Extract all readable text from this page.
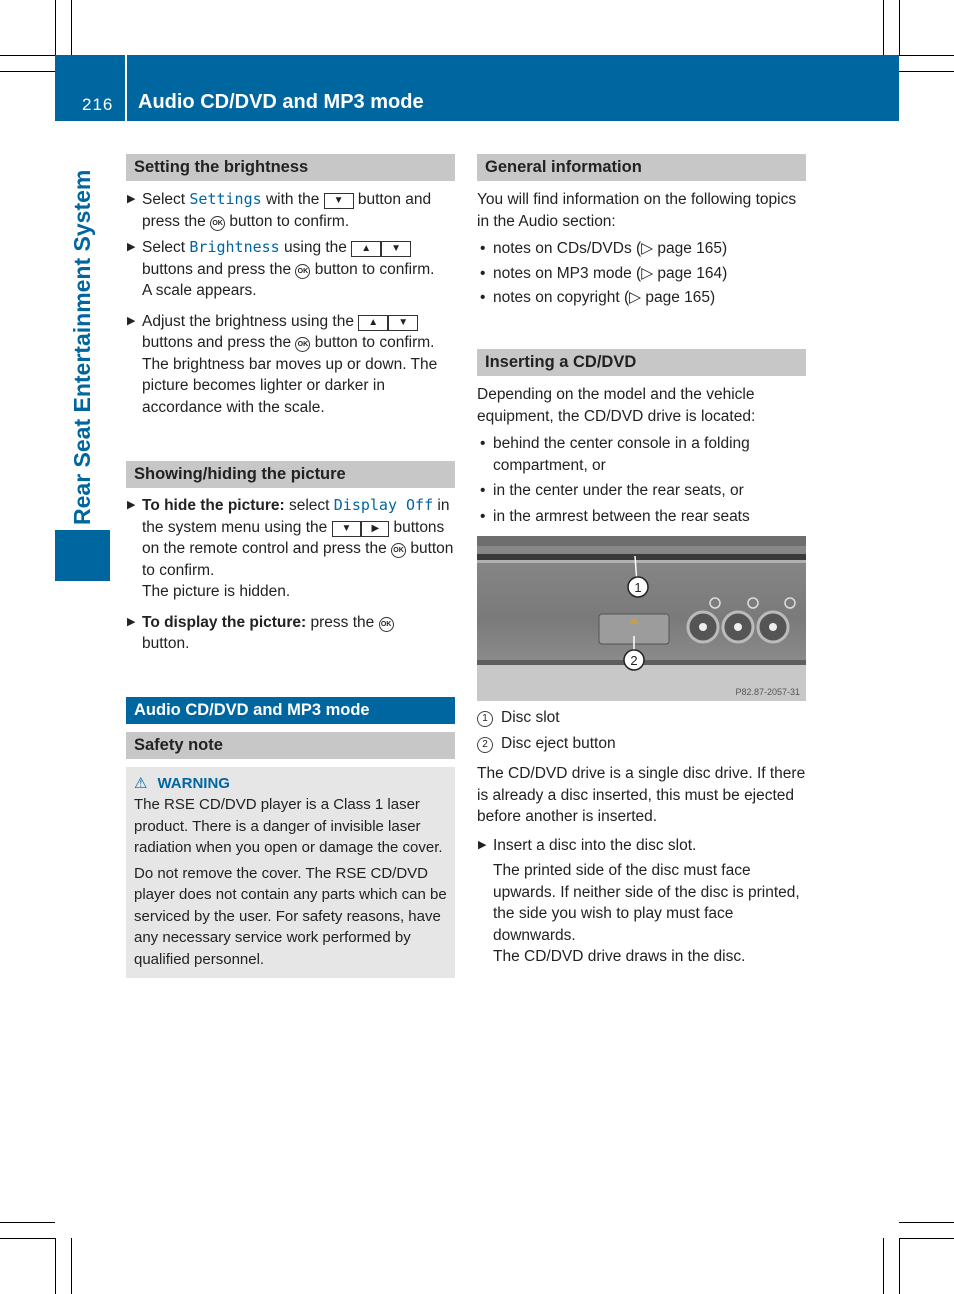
216 Audio CD/DVD and MP3 mode
Rear Seat Entertainment System
Setting the brightness
▶ Select Settings with the ▼ button and press the OK button to confirm.
▶ Select Brightness using the ▲ ▼ buttons and press the OK button to confirm.
A scale appears.
▶ Adjust the brightness using the ▲ ▼ buttons and press the OK button to confirm. The brightness bar moves up or down. The picture becomes lighter or darker in accordance with the scale.
Showing/hiding the picture
▶ To hide the picture: select Display Off in the system menu using the ▼ ▶ buttons on the remote control and press the OK button to confirm.
The picture is hidden.
▶ To display the picture: press the OK
button.
Audio CD/DVD and MP3 mode
Safety note
⚠ WARNING
The RSE CD/DVD player is a Class 1 laser product. There is a danger of invisible laser radiation when you open or damage the cover.
Do not remove the cover. The RSE CD/DVD player does not contain any parts which can be serviced by the user. For safety reasons, have any necessary service work performed by qualified personnel.
General information
You will find information on the following topics in the Audio section:
• notes on CDs/DVDs (▷ page 165)
• notes on MP3 mode (▷ page 164)
• notes on copyright (▷ page 165)
Inserting a CD/DVD
Depending on the model and the vehicle equipment, the CD/DVD drive is located:
• behind the center console in a folding compartment, or
• in the center under the rear seats, or
• in the armrest between the rear seats
1
2
P82.87-2057-31
1 Disc slot
2 Disc eject button
The CD/DVD drive is a single disc drive. If there is already a disc inserted, this must be ejected before another is inserted.
▶ Insert a disc into the disc slot.
The printed side of the disc must face upwards. If neither side of the disc is printed, the side you wish to play must face downwards.
The CD/DVD drive draws in the disc.
